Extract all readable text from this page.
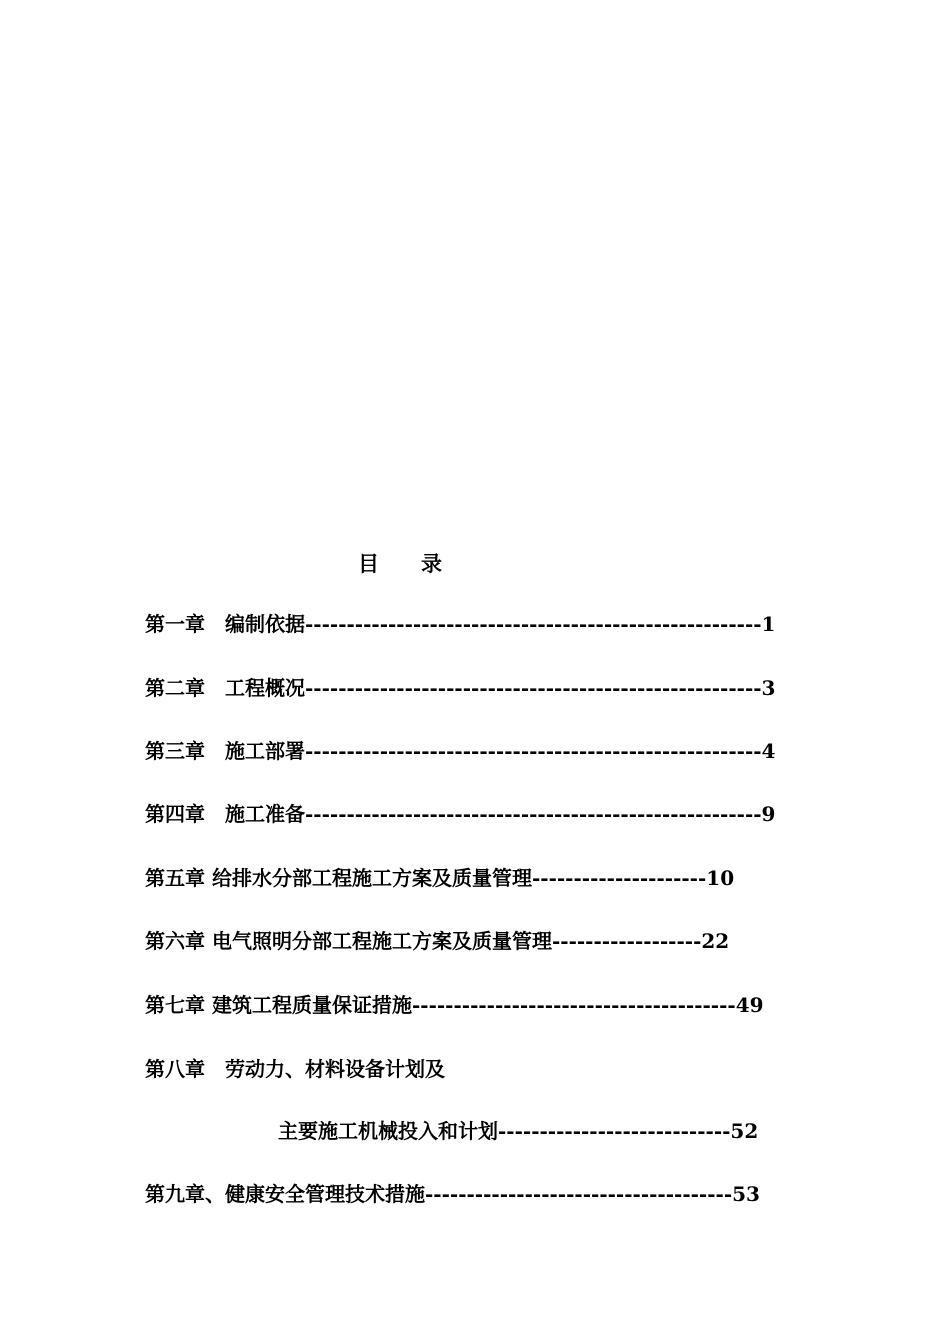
目　　录
第一章　编制依据-------------------------------------------------------1
第二章　工程概况-------------------------------------------------------3
第三章　施工部署-------------------------------------------------------4
第四章　施工准备-------------------------------------------------------9
第五章 给排水分部工程施工方案及质量管理---------------------10
第六章 电气照明分部工程施工方案及质量管理------------------22
第七章 建筑工程质量保证措施---------------------------------------49
第八章　劳动力、材料设备计划及
主要施工机械投入和计划----------------------------52
第九章、健康安全管理技术措施-------------------------------------53
